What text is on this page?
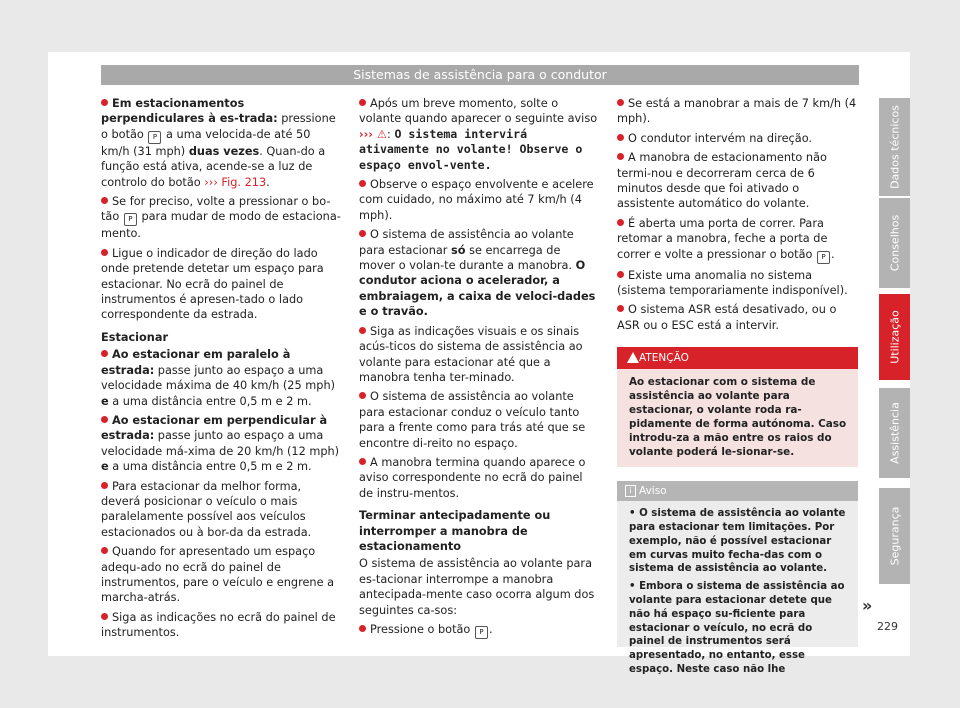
Sistemas de assistência para o condutor

Em estacionamentos perpendiculares à es-trada: pressione o botão P a uma velocida-de até 50 km/h (31 mph) duas vezes. Quan-do a função está ativa, acende-se a luz de controlo do botão ››› Fig. 213.

Se for preciso, volte a pressionar o bo-tão P para mudar de modo de estaciona-mento.

Ligue o indicador de direção do lado onde pretende detetar um espaço para estacionar. No ecrã do painel de instrumentos é apresen-tado o lado correspondente da estrada.

Estacionar

Ao estacionar em paralelo à estrada: passe junto ao espaço a uma velocidade máxima de 40 km/h (25 mph) e a uma distância entre 0,5 m e 2 m.

Ao estacionar em perpendicular à estrada: passe junto ao espaço a uma velocidade má-xima de 20 km/h (12 mph) e a uma distância entre 0,5 m e 2 m.

Para estacionar da melhor forma, deverá posicionar o veículo o mais paralelamente possível aos veículos estacionados ou à bor-da da estrada.

Quando for apresentado um espaço adequ-ado no ecrã do painel de instrumentos, pare o veículo e engrene a marcha-atrás.

Siga as indicações no ecrã do painel de instrumentos.

Após um breve momento, solte o volante quando aparecer o seguinte aviso ››› ⚠: O sistema intervirá ativamente no volante! Observe o espaço envol-vente.

Observe o espaço envolvente e acelere com cuidado, no máximo até 7 km/h (4 mph).

O sistema de assistência ao volante para estacionar só se encarrega de mover o volan-te durante a manobra. O condutor aciona o acelerador, a embraiagem, a caixa de veloci-dades e o travão.

Siga as indicações visuais e os sinais acús-ticos do sistema de assistência ao volante para estacionar até que a manobra tenha ter-minado.

O sistema de assistência ao volante para estacionar conduz o veículo tanto para a frente como para trás até que se encontre di-reito no espaço.

A manobra termina quando aparece o aviso correspondente no ecrã do painel de instru-mentos.

Terminar antecipadamente ou interromper a manobra de estacionamento

O sistema de assistência ao volante para es-tacionar interrompe a manobra antecipada-mente caso ocorra algum dos seguintes ca-sos:

Pressione o botão P .

Se está a manobrar a mais de 7 km/h (4 mph).

O condutor intervém na direção.

A manobra de estacionamento não termi-nou e decorreram cerca de 6 minutos desde que foi ativado o assistente automático do volante.

É aberta uma porta de correr. Para retomar a manobra, feche a porta de correr e volte a pressionar o botão P .

Existe uma anomalia no sistema (sistema temporariamente indisponível).

O sistema ASR está desativado, ou o ASR ou o ESC está a intervir.

ATENÇÃO
Ao estacionar com o sistema de assistência ao volante para estacionar, o volante roda ra-pidamente de forma autónoma. Caso introdu-za a mão entre os raios do volante poderá le-sionar-se.
i Aviso

• O sistema de assistência ao volante para estacionar tem limitações. Por exemplo, não é possível estacionar em curvas muito fecha-das com o sistema de assistência ao volante.

• Embora o sistema de assistência ao volante para estacionar detete que não há espaço su-ficiente para estacionar o veículo, no ecrã do painel de instrumentos será apresentado, no entanto, esse espaço. Neste caso não lhe

»
Dados técnicos
Conselhos
Utilização
Assistência
Segurança
229
